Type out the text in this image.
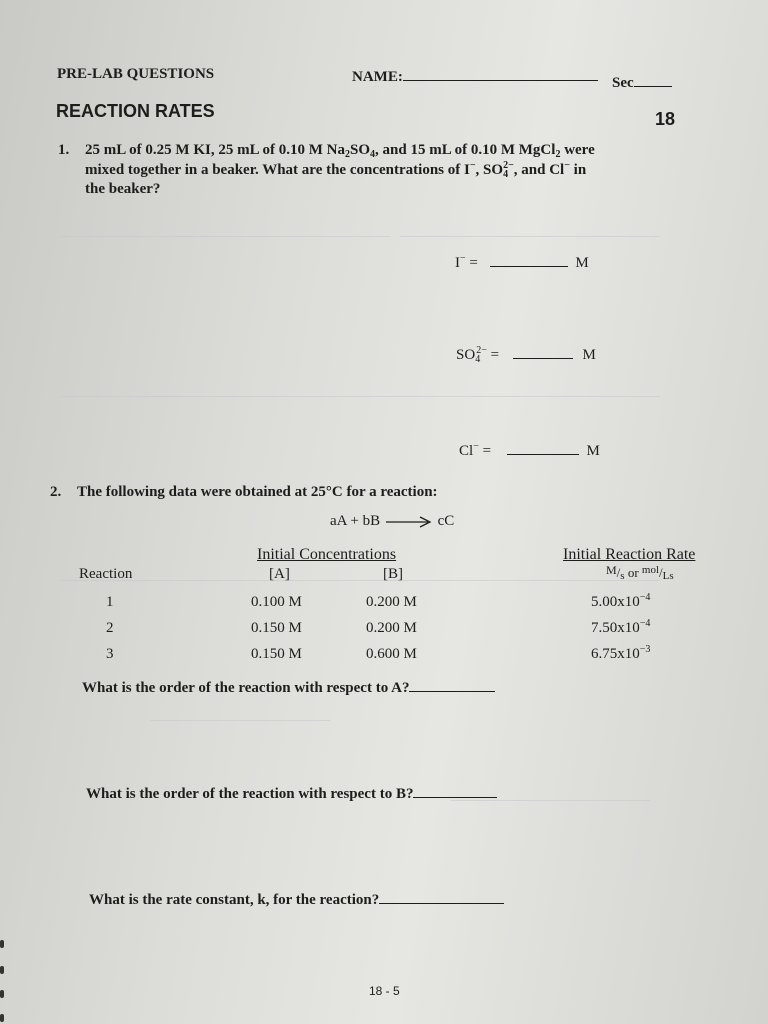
PRE-LAB QUESTIONS	NAME:	Sec
REACTION RATES	18
1. 25 mL of 0.25 M KI, 25 mL of 0.10 M $Na_2SO_4$, and 15 mL of 0.10 M MgCl$_2$ were
mixed together in a beaker. What are the concentrations of I−, $SO_4^{2-}$, and Cl− in
the beaker?
I− =	M
$SO_4^{2-}$ =	M
Cl− =	M
2. The following data were obtained at 25°C for a reaction:
aA + bB	cC
Initial Concentrations	Initial Reaction Rate
Reaction	[A]	[B]	M/s or $^{mol}$/Ls
1	0.100 M	0.200 M	$5.00x10^{-4}$
2	0.150 M	0.200 M	$7.50x10^{-4}$
3	0.150 M	0.600 M	$6.75x10^{-3}$
What is the order of the reaction with respect to A?
What is the order of the reaction with respect to B?
What is the rate constant, k, for the reaction?
18 - 5
